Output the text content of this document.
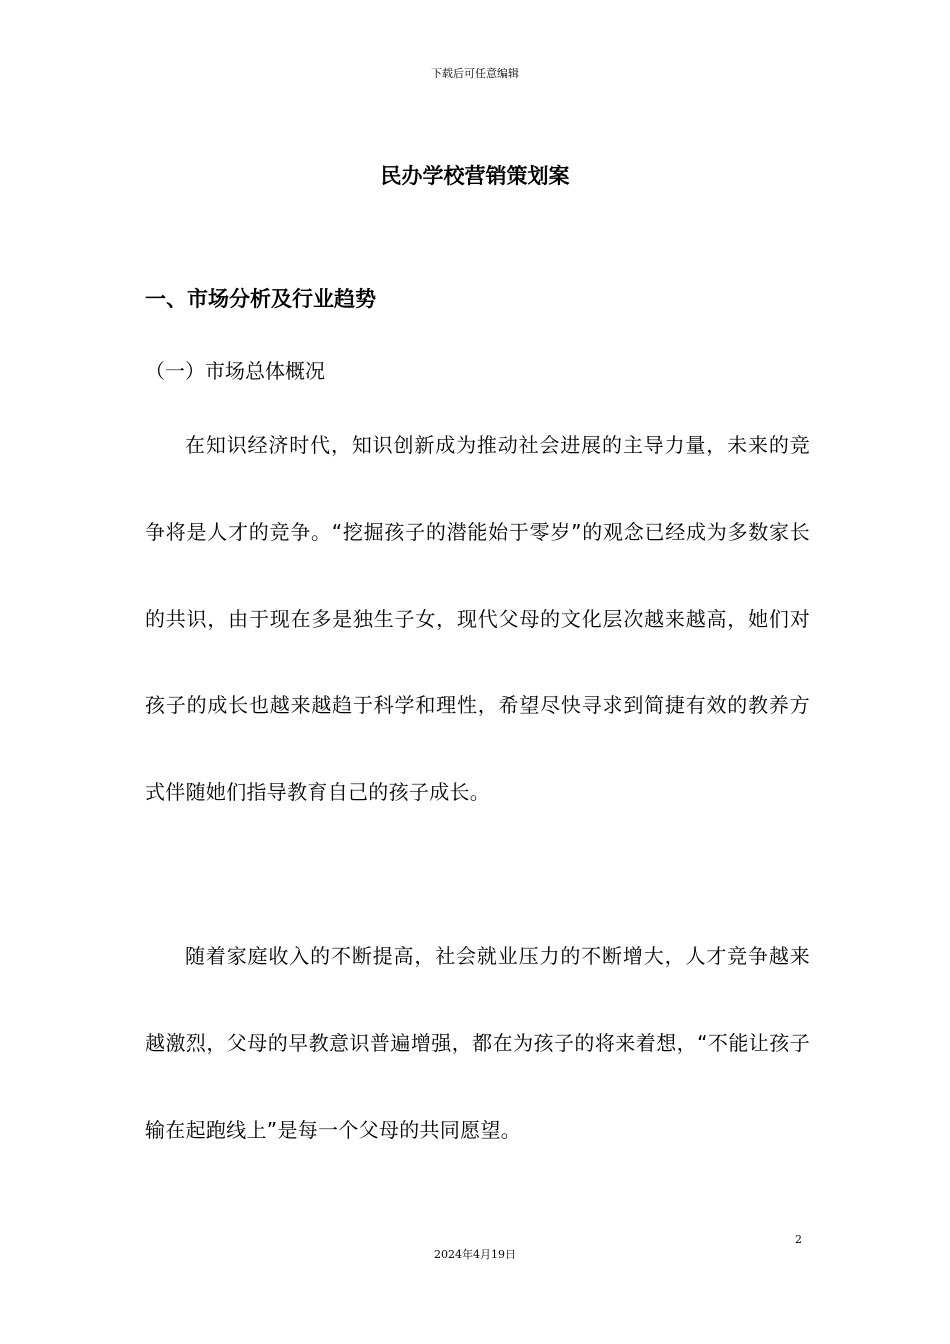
下载后可任意编辑
民办学校营销策划案
一、市场分析及行业趋势
（一）市场总体概况

在知识经济时代，知识创新成为推动社会进展的主导力量，未来的竞争将是人才的竞争。“挖掘孩子的潜能始于零岁”的观念已经成为多数家长的共识，由于现在多是独生子女，现代父母的文化层次越来越高，她们对孩子的成长也越来越趋于科学和理性，希望尽快寻求到简捷有效的教养方式伴随她们指导教育自己的孩子成长。

随着家庭收入的不断提高，社会就业压力的不断增大，人才竞争越来越激烈，父母的早教意识普遍增强，都在为孩子的将来着想，“不能让孩子输在起跑线上”是每一个父母的共同愿望。

2
2024年4月19日
